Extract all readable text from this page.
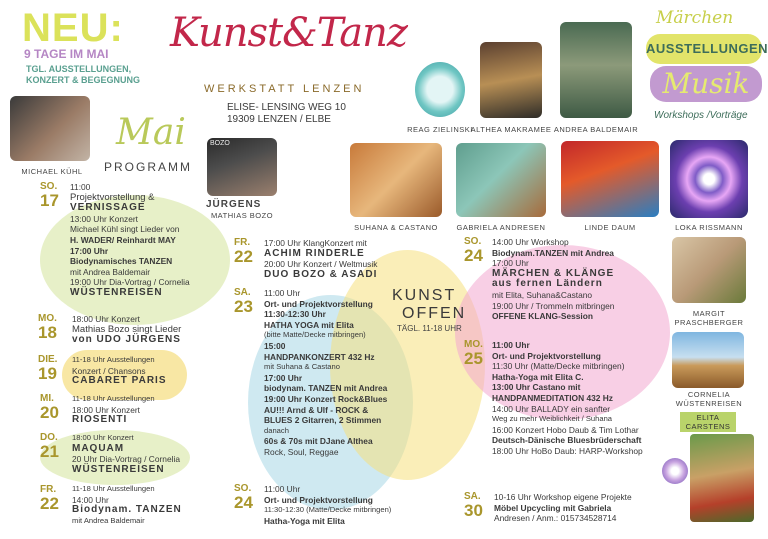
NEU:
9 TAGE IM MAI
TGL. AUSSTELLUNGEN,
KONZERT & BEGEGNUNG
Kunst&Tanz
WERKSTATT LENZEN
ELISE- LENSING WEG 10
19309 LENZEN / ELBE
Mai
PROGRAMM
MICHAEL KÜHL
BOZO
JÜRGENS
MATHIAS BOZO
REAG ZIELINSKI
ALTHEA MAKRAMEE ANDREA BALDEMAIR
Märchen
AUSSTELLUNGEN
Musik
Workshops /Vorträge
SUHANA & CASTANO	GABRIELA ANDRESEN	LINDE DAUM	LOKA RISSMANN
MARGIT
PRASCHBERGER
CORNELIA
WÜSTENREISEN
ELITA
CARSTENS
KUNST
OFFEN
TÄGL. 11-18 UHR
SO.
17

11:00

Projektvorstellung &

VERNISSAGE

13:00 Uhr Konzert

Michael Kühl singt Lieder von

H. WADER/ Reinhardt MAY

17:00 Uhr

Biodynamisches TANZEN

mit Andrea Baldemair

19:00 Uhr Dia-Vortrag / Cornelia

WÜSTENREISEN

MO.
18

18:00 Uhr Konzert

Mathias Bozo singt Lieder

von UDO JÜRGENS

DIE.
19

11-18 Uhr Ausstellungen

Konzert / Chansons

CABARET PARIS

MI.
20

11-18 Uhr Ausstellungen

18:00 Uhr Konzert

RIOSENTI

DO.
21

18:00 Uhr Konzert

MAQUAM

20 Uhr Dia-Vortrag / Cornelia

WÜSTENREISEN

FR.
22

11-18 Uhr Ausstellungen

14:00 Uhr

Biodynam. TANZEN

mit Andrea Baldemair

FR.
22

17:00 Uhr KlangKonzert mit

ACHIM RINDERLE

20:00 Uhr Konzert / Weltmusik

DUO BOZO & ASADI

SA.
23

11:00 Uhr

Ort- und Projektvorstellung

11:30-12:30 Uhr

HATHA YOGA mit Elita

(bitte Matte/Decke mitbringen)

15:00

HANDPANKONZERT 432 Hz

mit Suhana & Castano

17:00 Uhr

biodynam. TANZEN mit Andrea

19:00 Uhr Konzert Rock&Blues

AU!!! Arnd & Ulf - ROCK &

BLUES 2 Gitarren, 2 Stimmen

danach

60s & 70s mit DJane Althea

Rock, Soul, Reggae

SO.
24

11:00 Uhr

Ort- und Projektvorstellung

11:30-12:30 (Matte/Decke mitbringen)

Hatha-Yoga mit Elita

SO.
24

14:00 Uhr Workshop

Biodynam.TANZEN mit Andrea

17:00 Uhr

MÄRCHEN & KLÄNGE

aus fernen Ländern

mit Elita, Suhana&Castano

19:00 Uhr / Trommeln mitbringen

OFFENE KLANG-Session

MO.
25

11:00 Uhr

Ort- und Projektvorstellung

11:30 Uhr (Matte/Decke mitbringen)

Hatha-Yoga mit Elita C.

13:00 Uhr Castano mit

HANDPANMEDITATION 432 Hz

14:00 Uhr BALLADY ein sanfter

Weg zu mehr Weiblichkeit / Suhana

16:00 Konzert Hobo Daub & Tim Lothar

Deutsch-Dänische Bluesbrüderschaft

18:00 Uhr HoBo Daub: HARP-Workshop

SA.
30

10-16 Uhr Workshop eigene Projekte

Möbel Upcycling mit Gabriela

Andresen / Anm.: 015734528714
